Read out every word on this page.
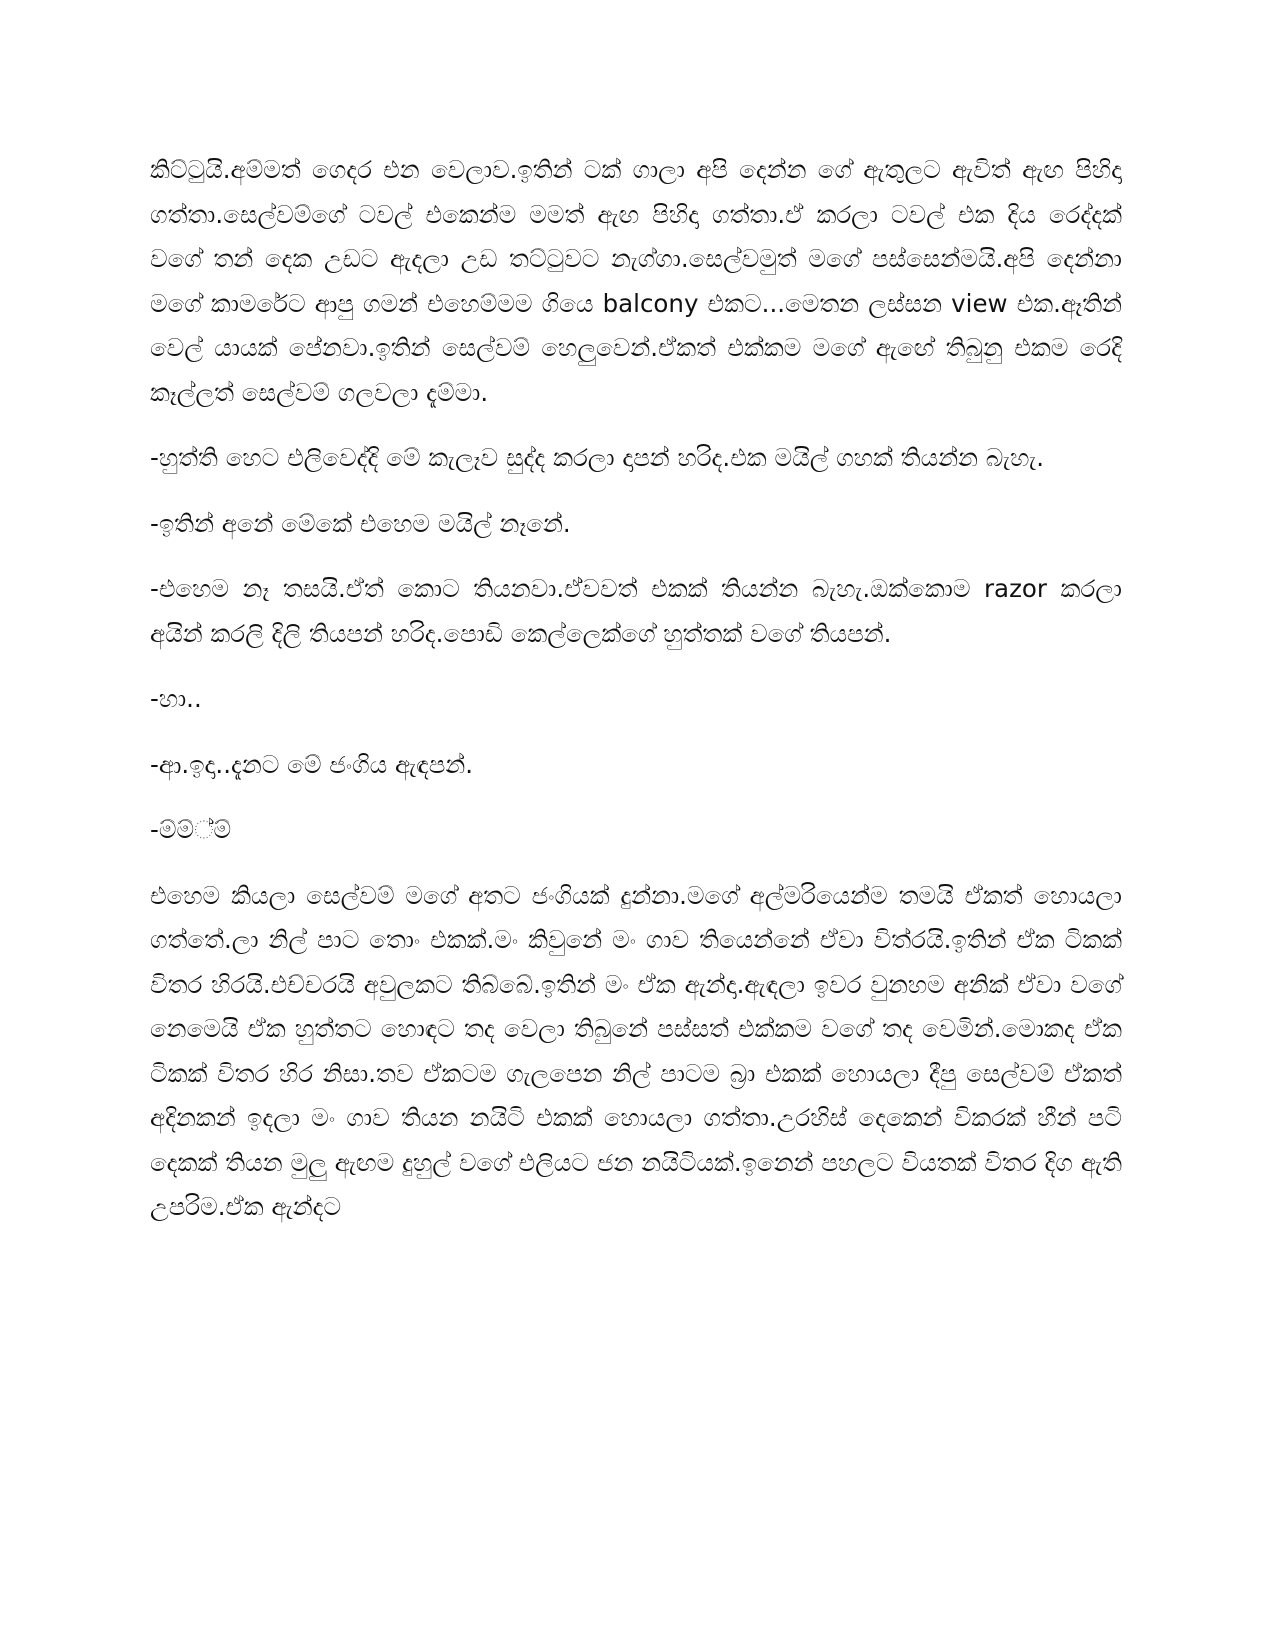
කිට්ටුයි.අම්මත් ගෙදර එන වෙලාව.ඉතින් ටක් ගාලා අපි දෙන්න ගේ ඇතුලට ඇවිත් ඇඟ පිහිදා ගත්තා.සෙල්වම්ගේ ටවල් එකෙන්ම මමත් ඇඟ පිහිදා ගත්තා.ඒ කරලා ටවල් එක දිය රෙද්දක් වගේ තන් දෙක උඩට ඇදලා උඩ තට්ටුවට නැග්ගා.සෙල්වමුත් මගේ පස්සෙන්මයි.අපි දෙන්නා මගේ කාමරේට ආපු ගමන් එහෙම්මම ගියෙ balcony එකට...මෙතන ලස්සන view එක.ඈතින් වෙල් යායක් පේනවා.ඉතින් සෙල්වම් හෙලුවෙන්.ඒකත් එක්කම මගේ ඇඟේ තිබුනු එකම රෙදි කෑල්ලත් සෙල්වම් ගලවලා දැම්මා.

-හුත්ති හෙට එලිවෙද්දි මේ කැලෑව සුද්ද කරලා දාපන් හරිද.එක මයිල් ගහක් තියන්න බැහැ.

-ඉතින් අනේ මේකේ එහෙම මයිල් නෑනේ.

-එහෙම නෑ තසයි.ඒත් කොට තියනවා.ඒ්වවත් එකක් තියන්න බැහැ.ඔක්කොම razor කරලා අයින් කරලි දිලි තියපන් හරිද.පොඩි කෙල්ලෙක්ගේ හුත්තක් වගේ තියපන්.

-හා..

-ආ.ඉදා..දැනට මේ ජංගිය ඇඳපන්.

-ම්ම්්ම්

එහෙම කියලා සෙල්වම් මගේ අතට ජංගියක් දුන්නා.මගේ අල්මරියෙන්ම තමයි ඒකත් හොයලා ගත්තේ.ලා නිල් පාට තොං එකක්.මං කිවුනේ මං ගාව තියෙන්නේ ඒවා විත්රයි.ඉතින් ඒක ටිකක් විතර හිරයි.එච්චරයි අවුලකට තිබ්බේ.ඉතින් මං ඒක ඇන්දා.ඇඳලා ඉවර වුනහම අනික් ඒවා වගේ නෙමෙයි ඒක හුත්තට හොඳට තද වෙලා තිබුනේ පස්සත් එක්කම වගේ තද වෙමින්.මොකද ඒක ටිකක් විතර හිර නිසා.තව ඒකටම ගැලපෙන නිල් පාටම බ්‍රා එකක් හොයලා දීපු සෙල්වම් ඒකත් අදිනකන් ඉදලා මං ගාව තියන නයිටි එකක් හොයලා ගත්තා.උරහිස් දෙකෙන් විකරක් හීන් පටි දෙකක් තියන මුලු ඇඟම දුහුල් වගේ එලියට ජන නයිටියක්.ඉනෙන් පහලට වියතක් විතර දිග ඇති උපරිම.ඒක ඇන්දට
